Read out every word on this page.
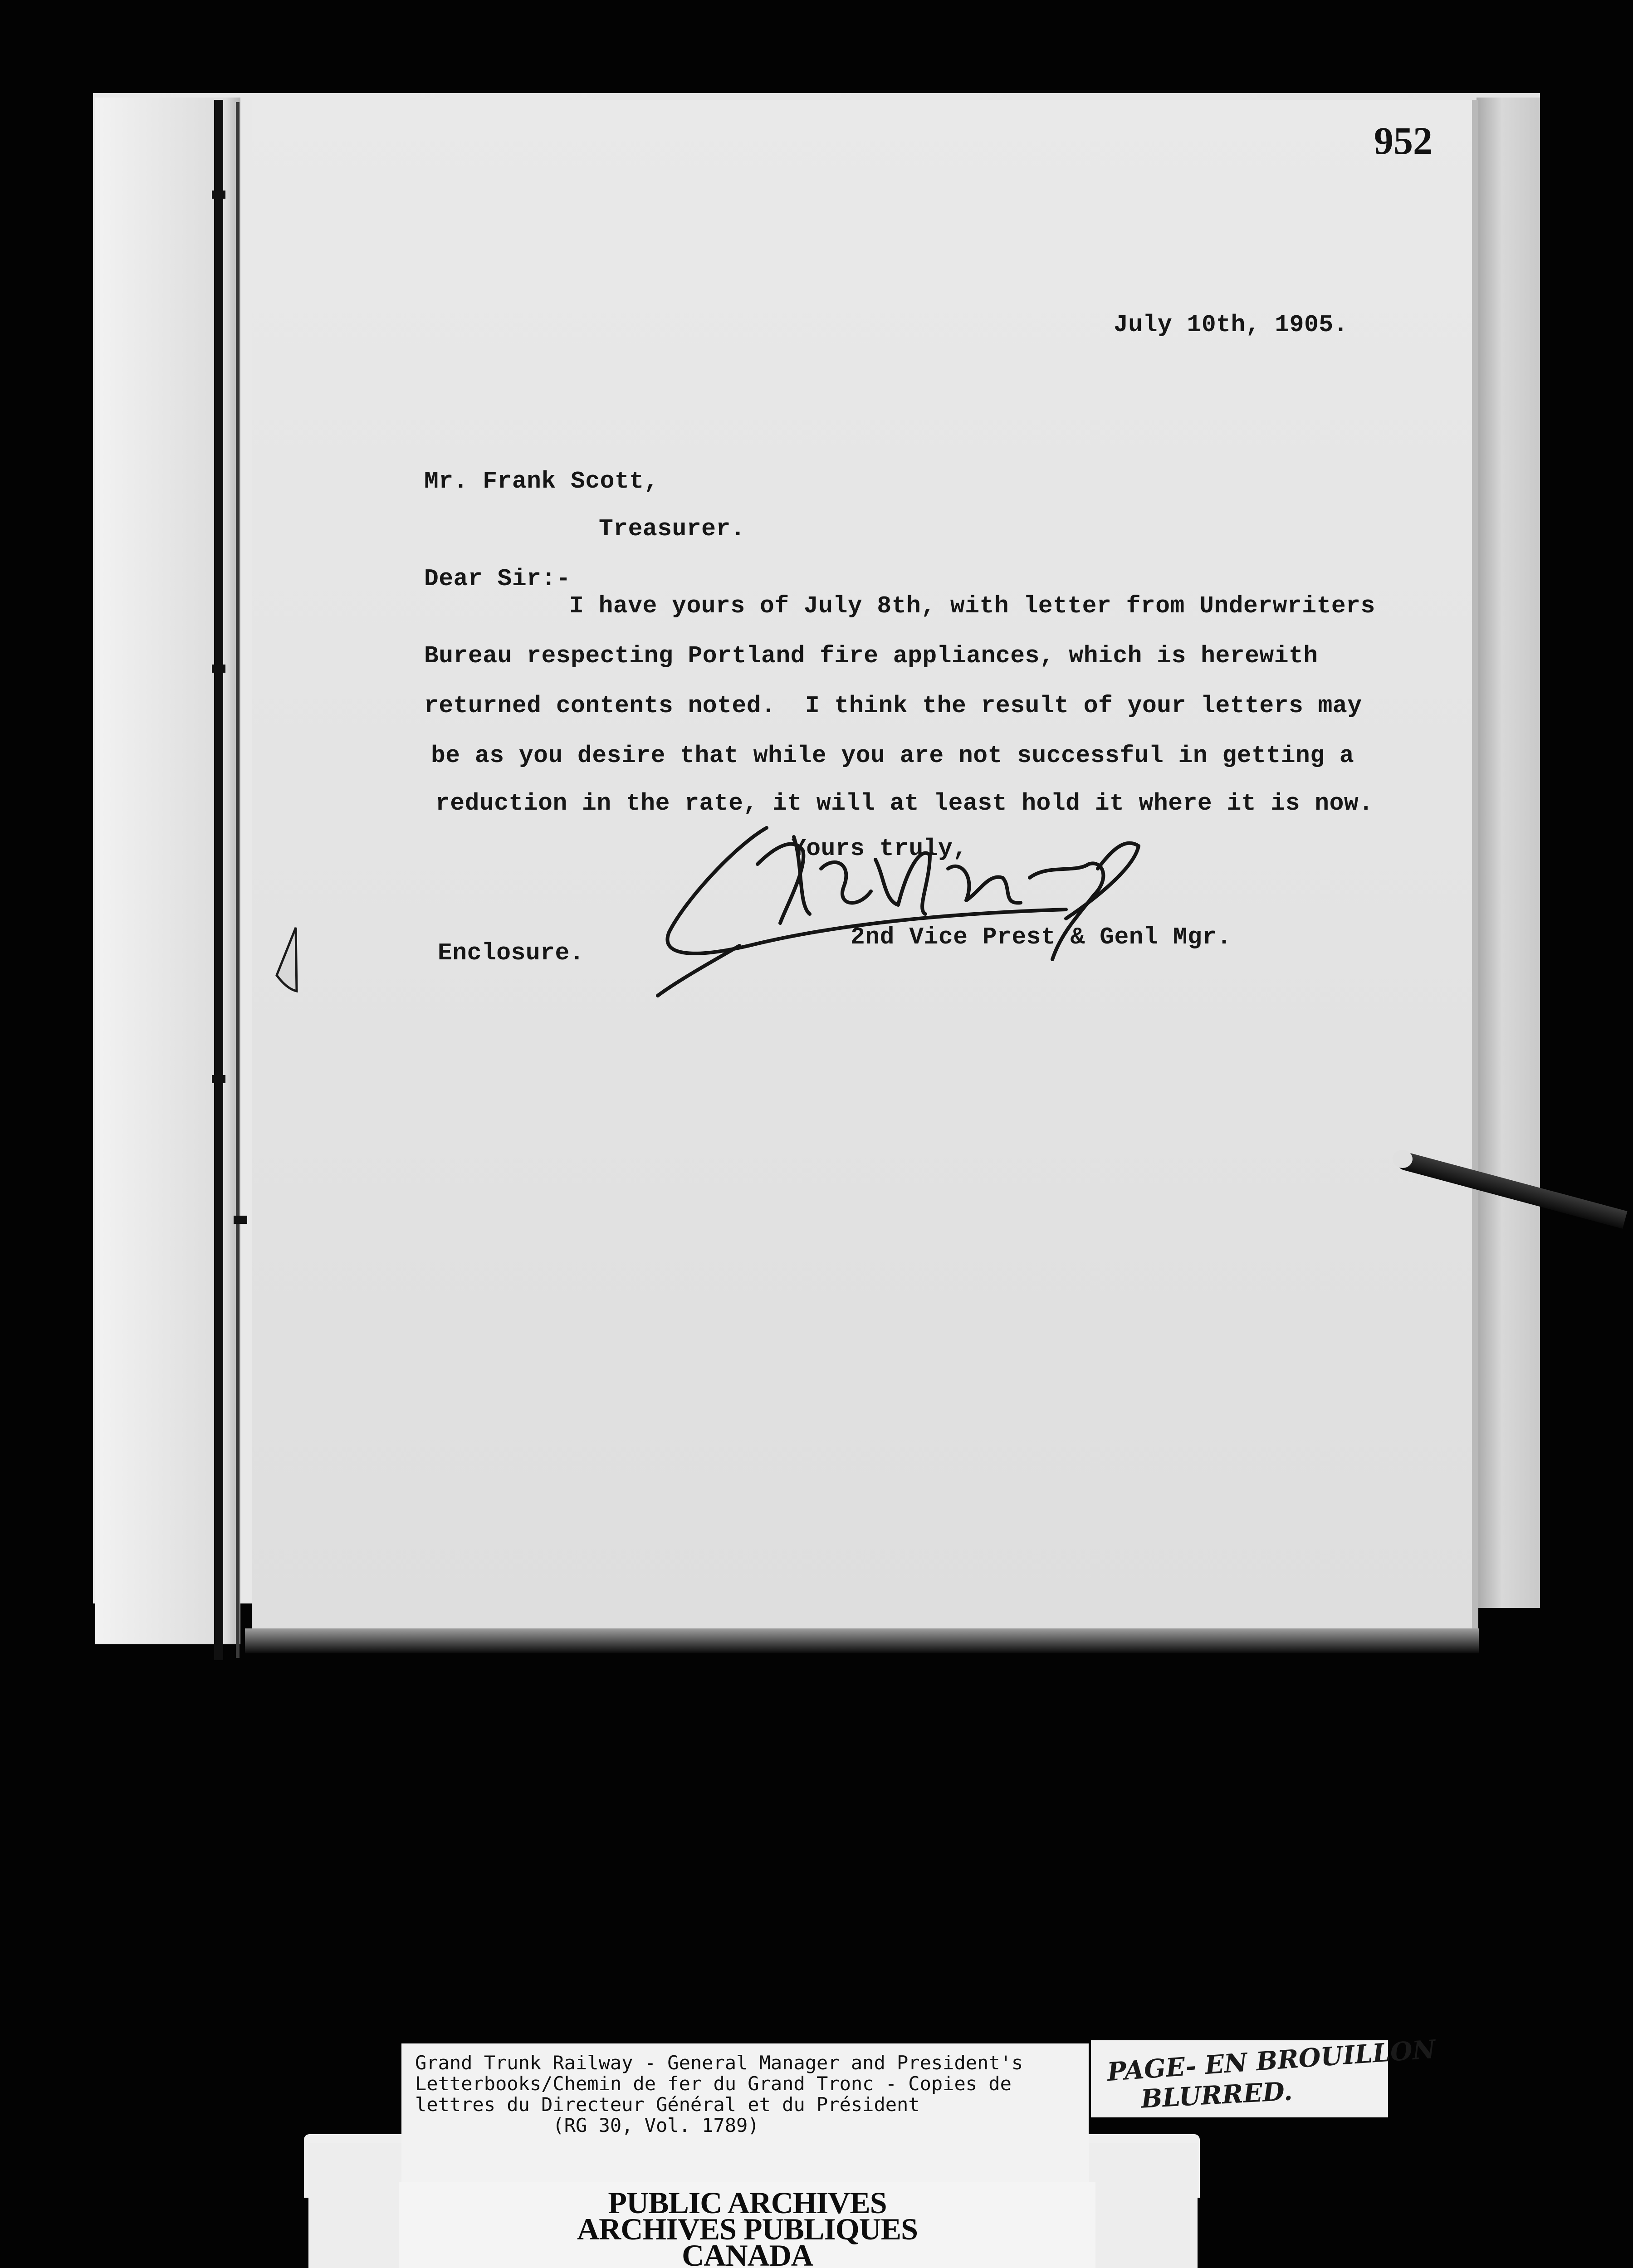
952

July 10th, 1905.

Mr. Frank Scott,

Treasurer.

Dear Sir:-

I have yours of July 8th, with letter from Underwriters

Bureau respecting Portland fire appliances, which is herewith

returned contents noted.  I think the result of your letters may

be as you desire that while you are not successful in getting a

reduction in the rate, it will at least hold it where it is now.

Yours truly,

2nd Vice Prest & Genl Mgr.

Enclosure.

Grand Trunk Railway - General Manager and President's

Letterbooks/Chemin de fer du Grand Tronc - Copies de

lettres du Directeur Général et du Président

(RG 30, Vol. 1789)

PAGE- EN BROUILLON
BLURRED.

PUBLIC ARCHIVES

ARCHIVES PUBLIQUES

CANADA
